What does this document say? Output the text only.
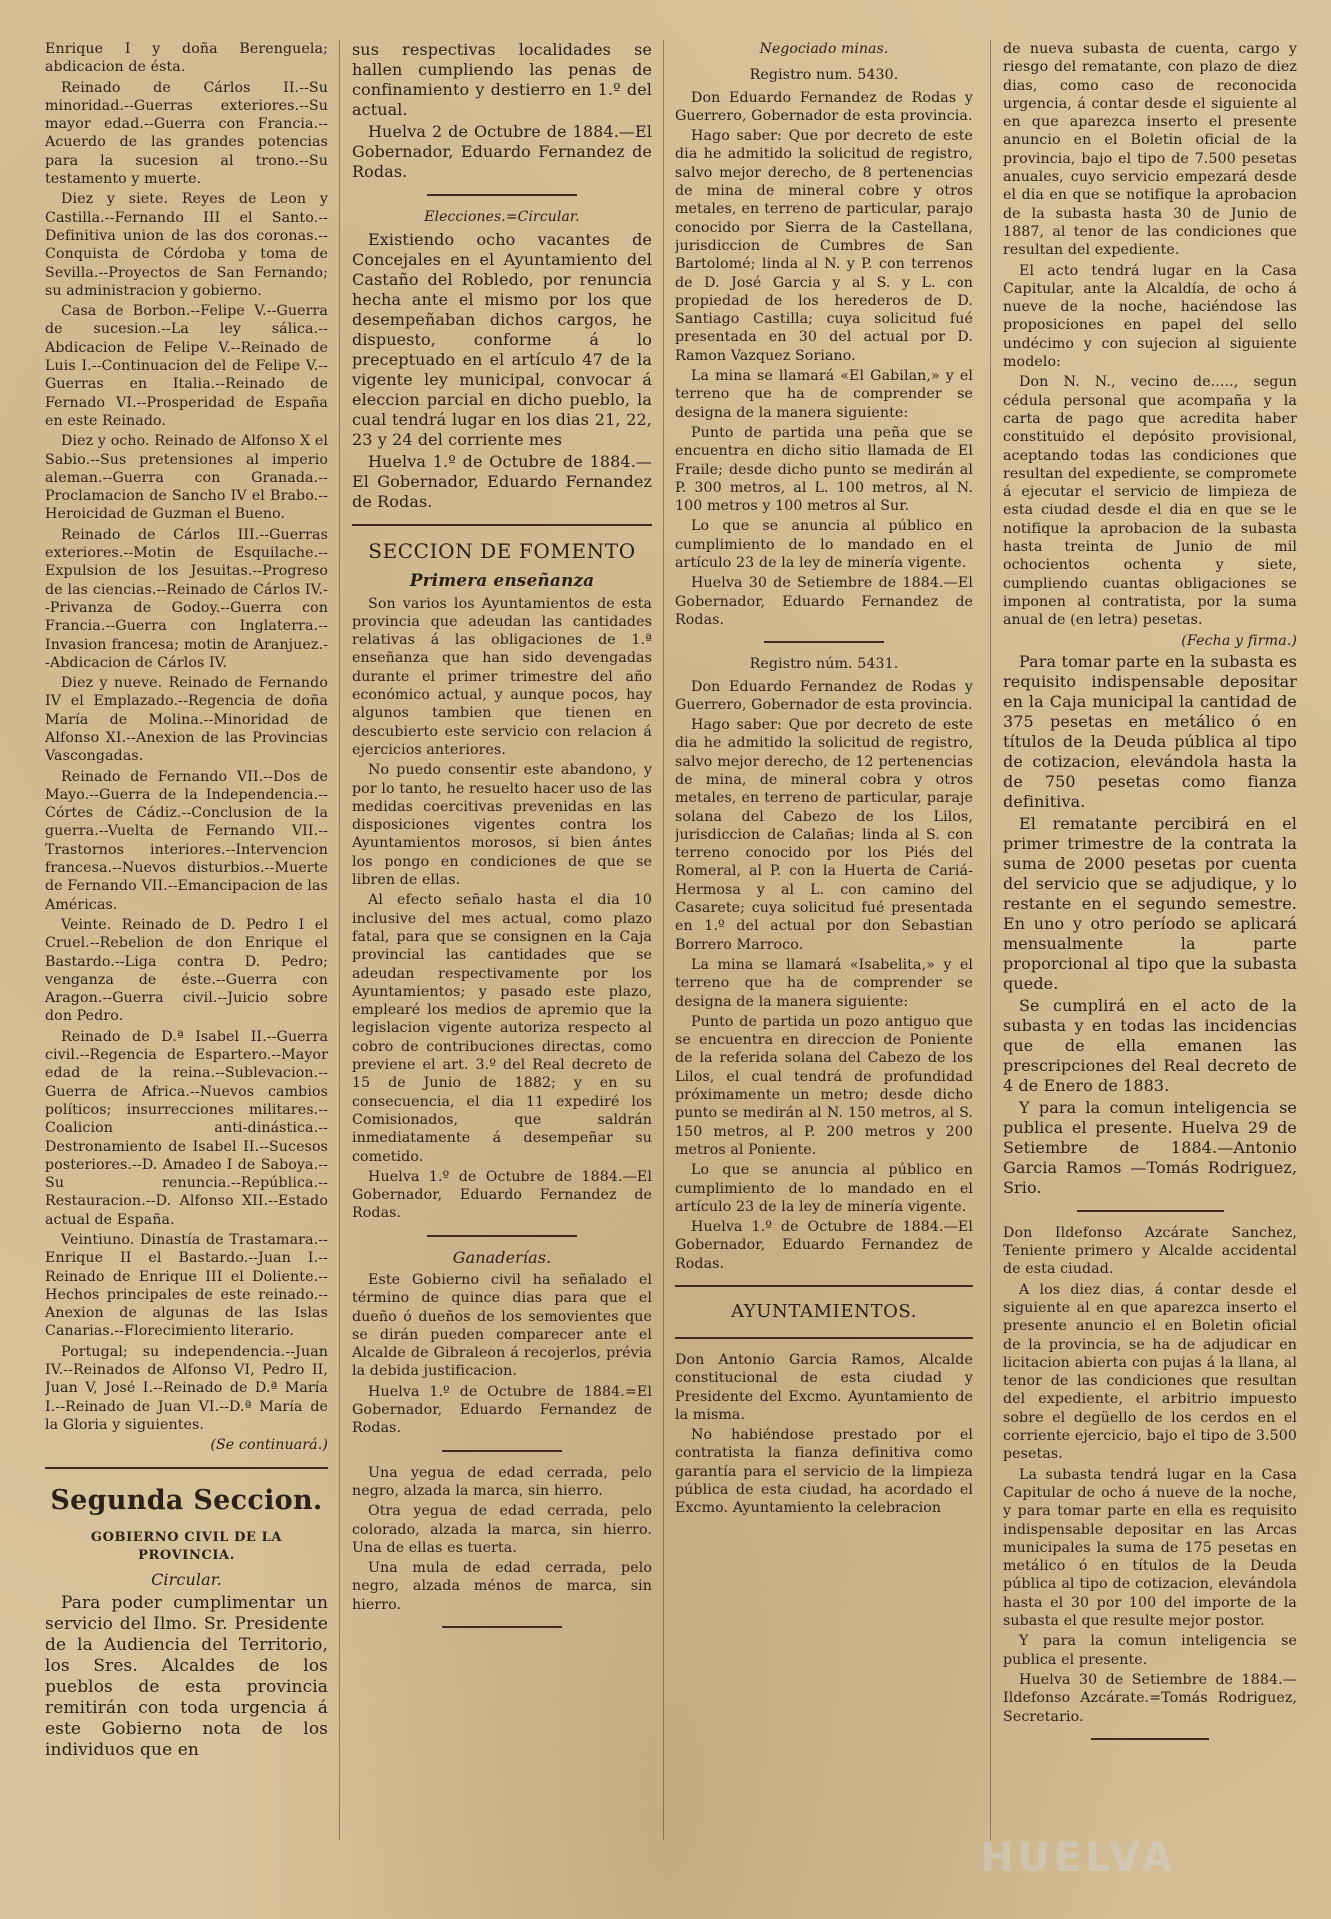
Enrique I y doña Berenguela; abdicacion de ésta.

Reinado de Cárlos II.--Su minoridad.--Guerras exteriores.--Su mayor edad.--Guerra con Francia.--Acuerdo de las grandes potencias para la sucesion al trono.--Su testamento y muerte.

Diez y siete. Reyes de Leon y Castilla.--Fernando III el Santo.--Definitiva union de las dos coronas.--Conquista de Córdoba y toma de Sevilla.--Proyectos de San Fernando; su administracion y gobierno.

Casa de Borbon.--Felipe V.--Guerra de sucesion.--La ley sálica.--Abdicacion de Felipe V.--Reinado de Luis I.--Continuacion del de Felipe V.--Guerras en Italia.--Reinado de Fernado VI.--Prosperidad de España en este Reinado.

Diez y ocho. Reinado de Alfonso X el Sabio.--Sus pretensiones al imperio aleman.--Guerra con Granada.--Proclamacion de Sancho IV el Brabo.--Heroicidad de Guzman el Bueno.

Reinado de Cárlos III.--Guerras exteriores.--Motin de Esquilache.--Expulsion de los Jesuitas.--Progreso de las ciencias.--Reinado de Cárlos IV.--Privanza de Godoy.--Guerra con Francia.--Guerra con Inglaterra.--Invasion francesa; motin de Aranjuez.--Abdicacion de Cárlos IV.

Diez y nueve. Reinado de Fernando IV el Emplazado.--Regencia de doña María de Molina.--Minoridad de Alfonso XI.--Anexion de las Provincias Vascongadas.

Reinado de Fernando VII.--Dos de Mayo.--Guerra de la Independencia.--Córtes de Cádiz.--Conclusion de la guerra.--Vuelta de Fernando VII.--Trastornos interiores.--Intervencion francesa.--Nuevos disturbios.--Muerte de Fernando VII.--Emancipacion de las Américas.

Veinte. Reinado de D. Pedro I el Cruel.--Rebelion de don Enrique el Bastardo.--Liga contra D. Pedro; venganza de éste.--Guerra con Aragon.--Guerra civil.--Juicio sobre don Pedro.

Reinado de D.ª Isabel II.--Guerra civil.--Regencia de Espartero.--Mayor edad de la reina.--Sublevacion.--Guerra de Africa.--Nuevos cambios políticos; insurrecciones militares.--Coalicion anti-dinástica.--Destronamiento de Isabel II.--Sucesos posteriores.--D. Amadeo I de Saboya.--Su renuncia.--República.--Restauracion.--D. Alfonso XII.--Estado actual de España.

Veintiuno. Dinastía de Trastamara.--Enrique II el Bastardo.--Juan I.--Reinado de Enrique III el Doliente.--Hechos principales de este reinado.--Anexion de algunas de las Islas Canarias.--Florecimiento literario.

Portugal; su independencia.--Juan IV.--Reinados de Alfonso VI, Pedro II, Juan V, José I.--Reinado de D.ª María I.--Reinado de Juan VI.--D.ª María de la Gloria y siguientes.

(Se continuará.)

Segunda Seccion.
GOBIERNO CIVIL DE LA PROVINCIA.
Circular.

Para poder cumplimentar un servicio del Ilmo. Sr. Presidente de la Audiencia del Territorio, los Sres. Alcaldes de los pueblos de esta provincia remitirán con toda urgencia á este Gobierno nota de los individuos que en

sus respectivas localidades se hallen cumpliendo las penas de confinamiento y destierro en 1.º del actual.

Huelva 2 de Octubre de 1884.—El Gobernador, Eduardo Fernandez de Rodas.

Elecciones.=Circular.

Existiendo ocho vacantes de Concejales en el Ayuntamiento del Castaño del Robledo, por renuncia hecha ante el mismo por los que desempeñaban dichos cargos, he dispuesto, conforme á lo preceptuado en el artículo 47 de la vigente ley municipal, convocar á eleccion parcial en dicho pueblo, la cual tendrá lugar en los dias 21, 22, 23 y 24 del corriente mes

Huelva 1.º de Octubre de 1884.—El Gobernador, Eduardo Fernandez de Rodas.

SECCION DE FOMENTO
Primera enseñanza

Son varios los Ayuntamientos de esta provincia que adeudan las cantidades relativas á las obligaciones de 1.ª enseñanza que han sido devengadas durante el primer trimestre del año económico actual, y aunque pocos, hay algunos tambien que tienen en descubierto este servicio con relacion á ejercicios anteriores.

No puedo consentir este abandono, y por lo tanto, he resuelto hacer uso de las medidas coercitivas prevenidas en las disposiciones vigentes contra los Ayuntamientos morosos, si bien ántes los pongo en condiciones de que se libren de ellas.

Al efecto señalo hasta el dia 10 inclusive del mes actual, como plazo fatal, para que se consignen en la Caja provincial las cantidades que se adeudan respectivamente por los Ayuntamientos; y pasado este plazo, emplearé los medios de apremio que la legislacion vigente autoriza respecto al cobro de contribuciones directas, como previene el art. 3.º del Real decreto de 15 de Junio de 1882; y en su consecuencia, el dia 11 expediré los Comisionados, que saldrán inmediatamente á desempeñar su cometido.

Huelva 1.º de Octubre de 1884.—El Gobernador, Eduardo Fernandez de Rodas.

Ganaderías.

Este Gobierno civil ha señalado el término de quince dias para que el dueño ó dueños de los semovientes que se dirán pueden comparecer ante el Alcalde de Gibraleon á recojerlos, prévia la debida justificacion.

Huelva 1.º de Octubre de 1884.=El Gobernador, Eduardo Fernandez de Rodas.

Una yegua de edad cerrada, pelo negro, alzada la marca, sin hierro.

Otra yegua de edad cerrada, pelo colorado, alzada la marca, sin hierro. Una de ellas es tuerta.

Una mula de edad cerrada, pelo negro, alzada ménos de marca, sin hierro.

Negociado minas.
Registro num. 5430.

Don Eduardo Fernandez de Rodas y Guerrero, Gobernador de esta provincia.

Hago saber: Que por decreto de este dia he admitido la solicitud de registro, salvo mejor derecho, de 8 pertenencias de mina de mineral cobre y otros metales, en terreno de particular, parajo conocido por Sierra de la Castellana, jurisdiccion de Cumbres de San Bartolomé; linda al N. y P. con terrenos de D. José Garcia y al S. y L. con propiedad de los herederos de D. Santiago Castilla; cuya solicitud fué presentada en 30 del actual por D. Ramon Vazquez Soriano.

La mina se llamará «El Gabilan,» y el terreno que ha de comprender se designa de la manera siguiente:

Punto de partida una peña que se encuentra en dicho sitio llamada de El Fraile; desde dicho punto se medirán al P. 300 metros, al L. 100 metros, al N. 100 metros y 100 metros al Sur.

Lo que se anuncia al público en cumplimiento de lo mandado en el artículo 23 de la ley de minería vigente.

Huelva 30 de Setiembre de 1884.—El Gobernador, Eduardo Fernandez de Rodas.

Registro núm. 5431.

Don Eduardo Fernandez de Rodas y Guerrero, Gobernador de esta provincia.

Hago saber: Que por decreto de este dia he admitido la solicitud de registro, salvo mejor derecho, de 12 pertenencias de mina, de mineral cobra y otros metales, en terreno de particular, paraje solana del Cabezo de los Lilos, jurisdiccion de Calañas; linda al S. con terreno conocido por los Piés del Romeral, al P. con la Huerta de Cariá-Hermosa y al L. con camino del Casarete; cuya solicitud fué presentada en 1.º del actual por don Sebastian Borrero Marroco.

La mina se llamará «Isabelita,» y el terreno que ha de comprender se designa de la manera siguiente:

Punto de partida un pozo antiguo que se encuentra en direccion de Poniente de la referida solana del Cabezo de los Lilos, el cual tendrá de profundidad próximamente un metro; desde dicho punto se medirán al N. 150 metros, al S. 150 metros, al P. 200 metros y 200 metros al Poniente.

Lo que se anuncia al público en cumplimiento de lo mandado en el artículo 23 de la ley de minería vigente.

Huelva 1.º de Octubre de 1884.—El Gobernador, Eduardo Fernandez de Rodas.

AYUNTAMIENTOS.

Don Antonio Garcia Ramos, Alcalde constitucional de esta ciudad y Presidente del Excmo. Ayuntamiento de la misma.

No habiéndose prestado por el contratista la fianza definitiva como garantía para el servicio de la limpieza pública de esta ciudad, ha acordado el Excmo. Ayuntamiento la celebracion

de nueva subasta de cuenta, cargo y riesgo del rematante, con plazo de diez dias, como caso de reconocida urgencia, á contar desde el siguiente al en que aparezca inserto el presente anuncio en el Boletin oficial de la provincia, bajo el tipo de 7.500 pesetas anuales, cuyo servicio empezará desde el dia en que se notifique la aprobacion de la subasta hasta 30 de Junio de 1887, al tenor de las condiciones que resultan del expediente.

El acto tendrá lugar en la Casa Capitular, ante la Alcaldía, de ocho á nueve de la noche, haciéndose las proposiciones en papel del sello undécimo y con sujecion al siguiente modelo:

Don N. N., vecino de....., segun cédula personal que acompaña y la carta de pago que acredita haber constituido el depósito provisional, aceptando todas las condiciones que resultan del expediente, se compromete á ejecutar el servicio de limpieza de esta ciudad desde el dia en que se le notifique la aprobacion de la subasta hasta treinta de Junio de mil ochocientos ochenta y siete, cumpliendo cuantas obligaciones se imponen al contratista, por la suma anual de (en letra) pesetas.

(Fecha y firma.)

Para tomar parte en la subasta es requisito indispensable depositar en la Caja municipal la cantidad de 375 pesetas en metálico ó en títulos de la Deuda pública al tipo de cotizacion, elevándola hasta la de 750 pesetas como fianza definitiva.

El rematante percibirá en el primer trimestre de la contrata la suma de 2000 pesetas por cuenta del servicio que se adjudique, y lo restante en el segundo semestre. En uno y otro período se aplicará mensualmente la parte proporcional al tipo que la subasta quede.

Se cumplirá en el acto de la subasta y en todas las incidencias que de ella emanen las prescripciones del Real decreto de 4 de Enero de 1883.

Y para la comun inteligencia se publica el presente. Huelva 29 de Setiembre de 1884.—Antonio Garcia Ramos —Tomás Rodriguez, Srio.

Don Ildefonso Azcárate Sanchez, Teniente primero y Alcalde accidental de esta ciudad.

A los diez dias, á contar desde el siguiente al en que aparezca inserto el presente anuncio el en Boletin oficial de la provincia, se ha de adjudicar en licitacion abierta con pujas á la llana, al tenor de las condiciones que resultan del expediente, el arbitrio impuesto sobre el degüello de los cerdos en el corriente ejercicio, bajo el tipo de 3.500 pesetas.

La subasta tendrá lugar en la Casa Capitular de ocho á nueve de la noche, y para tomar parte en ella es requisito indispensable depositar en las Arcas municipales la suma de 175 pesetas en metálico ó en títulos de la Deuda pública al tipo de cotizacion, elevándola hasta el 30 por 100 del importe de la subasta el que resulte mejor postor.

Y para la comun inteligencia se publica el presente.

Huelva 30 de Setiembre de 1884.—Ildefonso Azcárate.=Tomás Rodriguez, Secretario.

HUELVA
